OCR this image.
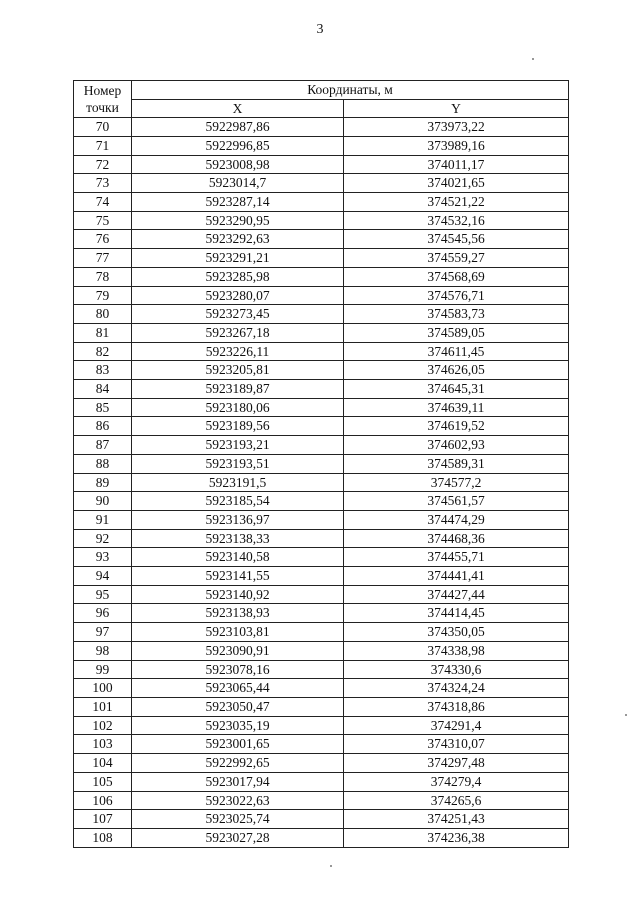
3
Номер
точки	Координаты, м	
	X	Y
70	5922987,86	373973,22
71	5922996,85	373989,16
72	5923008,98	374011,17
73	5923014,7	374021,65
74	5923287,14	374521,22
75	5923290,95	374532,16
76	5923292,63	374545,56
77	5923291,21	374559,27
78	5923285,98	374568,69
79	5923280,07	374576,71
80	5923273,45	374583,73
81	5923267,18	374589,05
82	5923226,11	374611,45
83	5923205,81	374626,05
84	5923189,87	374645,31
85	5923180,06	374639,11
86	5923189,56	374619,52
87	5923193,21	374602,93
88	5923193,51	374589,31
89	5923191,5	374577,2
90	5923185,54	374561,57
91	5923136,97	374474,29
92	5923138,33	374468,36
93	5923140,58	374455,71
94	5923141,55	374441,41
95	5923140,92	374427,44
96	5923138,93	374414,45
97	5923103,81	374350,05
98	5923090,91	374338,98
99	5923078,16	374330,6
100	5923065,44	374324,24
101	5923050,47	374318,86
102	5923035,19	374291,4
103	5923001,65	374310,07
104	5922992,65	374297,48
105	5923017,94	374279,4
106	5923022,63	374265,6
107	5923025,74	374251,43
108	5923027,28	374236,38
